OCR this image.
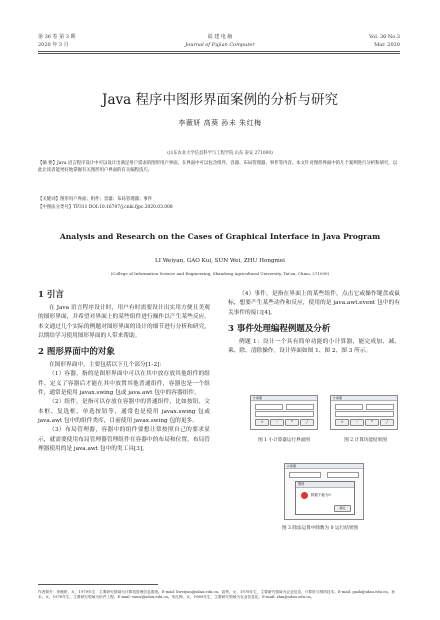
第 36 卷 第 3 期
2020 年 3 月
福 建 电 脑
Journal of Fujian Computer
Vol. 36 No.3
Mar. 2020
Java 程序中图形界面案例的分析与研究
李薇妍 高葵 孙未 朱红梅
(山东农业大学信息科学与工程学院 山东 泰安 271000)
【摘 要】Java 语言程序设计中可以设计出满足用户需求的图形用户界面，在界面中可以包含组件、容器、布局管理器、事件等内容。本文针对图形界面中的几个案例进行分析和研究，以此让读者能更好地掌握有关图形用户界面的有关编程技巧。
【关键词】图形用户界面；组件；容器；布局管理器；事件
【中图法分类号】TP311 DOI:10.16707/j.cnki.fjpc.2020.03.008
Analysis and Research on the Cases of Graphical Interface in Java Program
LI Weiyan, GAO Kui, SUN Wei, ZHU Hongmei
(College of Information Science and Engineering, Shandong Agricultural University, Tai'an, China, 271000)
1 引言
在 Java 语言程序设计时，用户有时需要设计出实用方便且美观的图形界面，并希望对界面上的某些组件进行操作以产生某些反应。本文通过几个实际的例题对图形界面的设计的细节进行分析和研究，以期给学习使用图形界面的人带来帮助。
2 图形界面中的对象
在图形界面中，主要包括以下几个部分[1-2]：
（1）容器，指的是图形界面中可以在其中放存放其他组件的组件，定义了容器后才能在其中放置其他普通组件，容器也是一个组件，通常是使用 javax.swing 包或 java.awt 包中的容器组件。
（2）组件，是指可以存放在容器中的普通组件，比如按钮、文本框、复选框、单选按钮等，通常也是使用 javax.swing 包或 java.awt 包中的组件类库，目前使用 javax.swing 包的更多。
（3）布局管理器，容器中的组件要想让常按照自己的要求显示，就需要使用布局管理器管理组件在容器中的布局和位置，布局管理器使用的是 java.awt 包中的类工具[3]。
（4）事件，是指在界面上的某些组件，点击它或操作键盘或鼠标，想要产生某些动作和反应，使用的是 java.awt.event 包中的有关事件的接口[4]。
3 事件处理编程例题及分析
例题 1：设计一个具有简单功能的小计算器，能完成加、减、乘、除、清除操作。设计界面如图 1、图 2、图 3 所示。
计算器
+	-	*	/
图 1 小计算器运行界面图
计算器
+	-	*	/
图 2 计算功能结果图
计算器
错误
除数不能为0
确定
图 3 除法运算中除数为 0 运行结果图
作者简介：李薇妍，女，1979年生，主要研究领域为计算机管理信息系统。E-mail: liweiyan@sdau.edu.cn。高葵，女，1978年生，主要研究领域为农业信息，计算机与网络技术。E-mail: gaok@sdau.edu.cn。孙未，女，1978年生，主要研究领域为软件工程。E-mail: sunw@sdau.edu.cn。朱红梅，女，1969年生，主要研究领域为农业信息化。E-mail: zhm@sdau.edu.cn。
